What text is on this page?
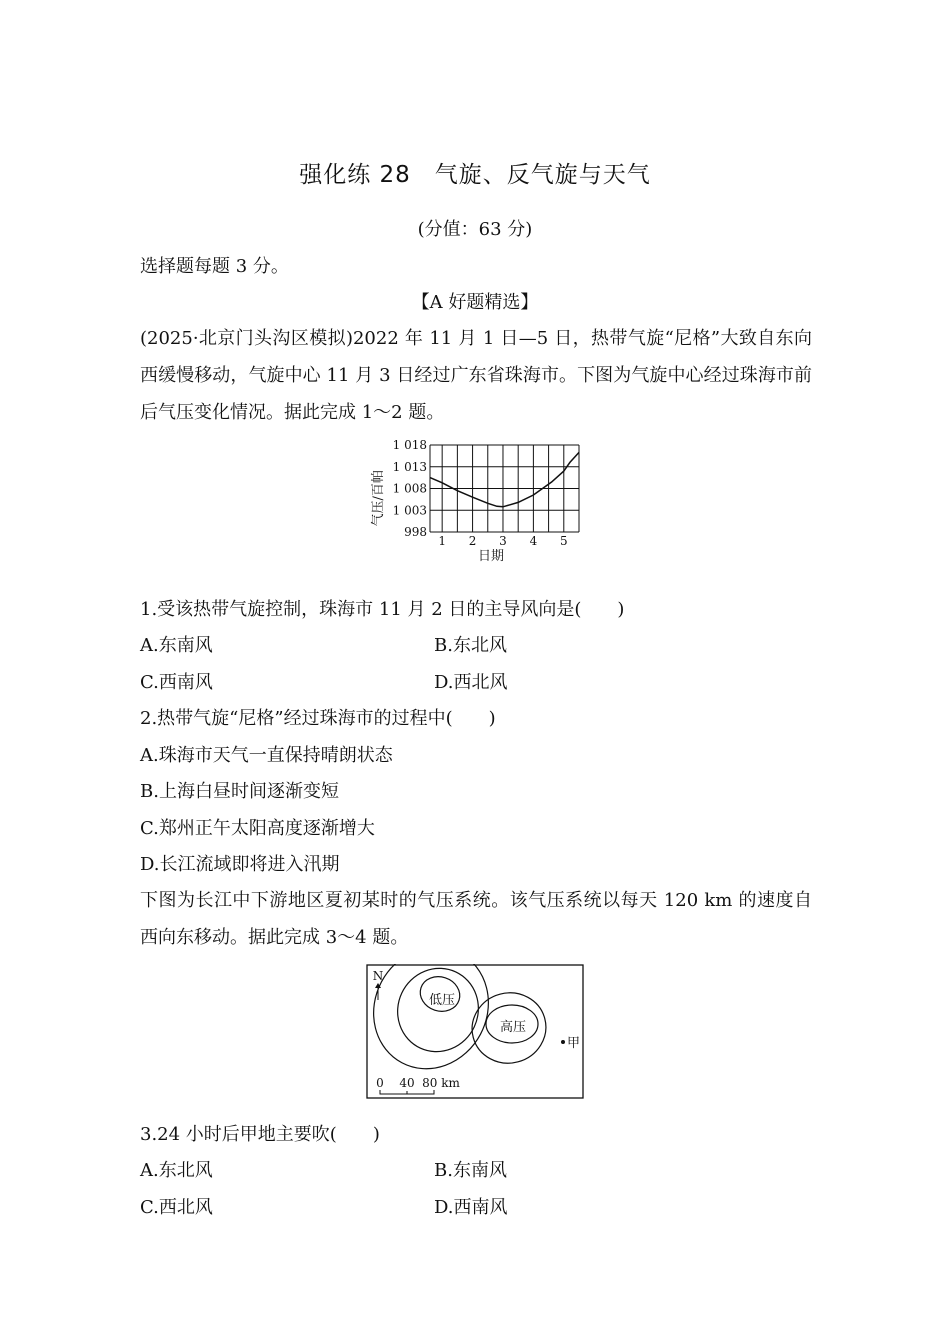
强化练 28　气旋、反气旋与天气
(分值：63 分)
选择题每题 3 分。
【A 好题精选】
(2025·北京门头沟区模拟)2022 年 11 月 1 日—5 日，热带气旋“尼格”大致自东向西缓慢移动，气旋中心 11 月 3 日经过广东省珠海市。下图为气旋中心经过珠海市前后气压变化情况。据此完成 1～2 题。
1 018
1 013
1 008
1 003
998
1 2 3 4 5
气压/百帕
日期
1.受该热带气旋控制，珠海市 11 月 2 日的主导风向是(　　)
A.东南风	B.东北风
C.西南风	D.西北风
2.热带气旋“尼格”经过珠海市的过程中(　　)
A.珠海市天气一直保持晴朗状态
B.上海白昼时间逐渐变短
C.郑州正午太阳高度逐渐增大
D.长江流域即将进入汛期
下图为长江中下游地区夏初某时的气压系统。该气压系统以每天 120 km 的速度自西向东移动。据此完成 3～4 题。
N
低压
高压
甲
0 40 80 km
3.24 小时后甲地主要吹(　　)
A.东北风	B.东南风
C.西北风	D.西南风
